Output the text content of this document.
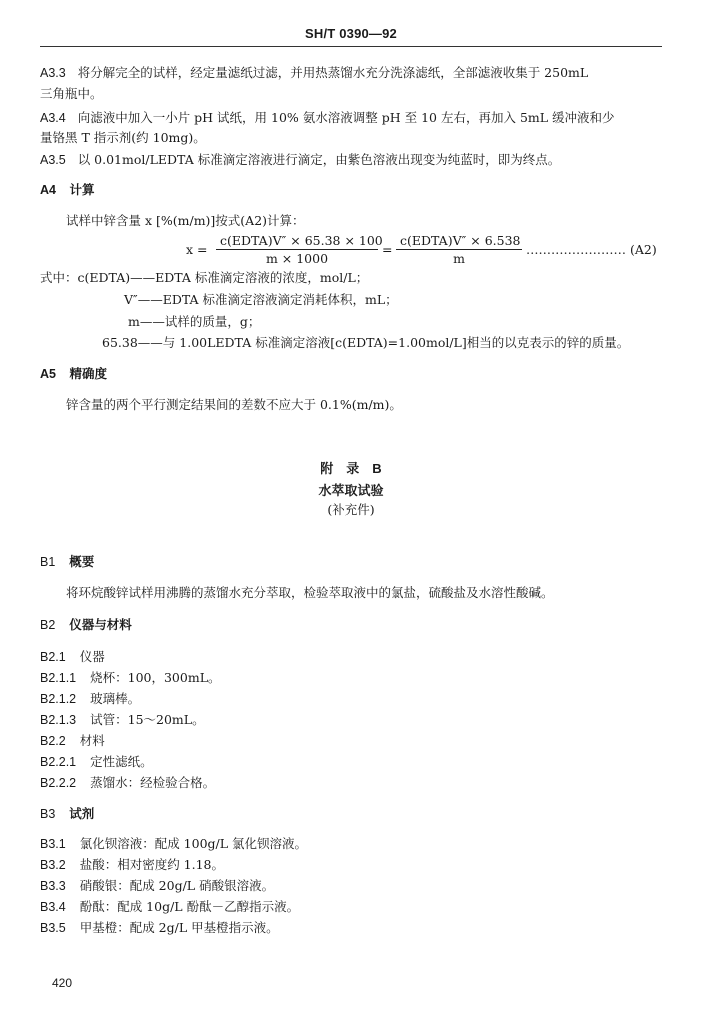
SH/T 0390—92
A3.3 将分解完全的试样，经定量滤纸过滤，并用热蒸馏水充分洗涤滤纸，全部滤液收集于 250mL
三角瓶中。
A3.4 向滤液中加入一小片 pH 试纸，用 10% 氨水溶液调整 pH 至 10 左右，再加入 5mL 缓冲液和少
量铬黑 T 指示剂(约 10mg)。
A3.5 以 0.01mol/LEDTA 标准滴定溶液进行滴定，由紫色溶液出现变为纯蓝时，即为终点。
A4 计算
试样中锌含量 x [%(m/m)]按式(A2)计算：
x =
c(EDTA)V″ × 65.38 × 100
m × 1000
=
c(EDTA)V″ × 6.538
m
…………………… (A2)
式中：c(EDTA)——EDTA 标准滴定溶液的浓度，mol/L；
V″——EDTA 标准滴定溶液滴定消耗体积，mL；
m——试样的质量，g；
65.38——与 1.00LEDTA 标准滴定溶液[c(EDTA)=1.00mol/L]相当的以克表示的锌的质量。
A5 精确度
锌含量的两个平行测定结果间的差数不应大于 0.1%(m/m)。
附　录　B
水萃取试验
(补充件)
B1 概要
将环烷酸锌试样用沸腾的蒸馏水充分萃取，检验萃取液中的氯盐，硫酸盐及水溶性酸碱。
B2 仪器与材料
B2.1 仪器
B2.1.1 烧杯：100，300mL。
B2.1.2 玻璃棒。
B2.1.3 试管：15～20mL。
B2.2 材料
B2.2.1 定性滤纸。
B2.2.2 蒸馏水：经检验合格。
B3 试剂
B3.1 氯化钡溶液：配成 100g/L 氯化钡溶液。
B3.2 盐酸：相对密度约 1.18。
B3.3 硝酸银：配成 20g/L 硝酸银溶液。
B3.4 酚酞：配成 10g/L 酚酞－乙醇指示液。
B3.5 甲基橙：配成 2g/L 甲基橙指示液。
420
